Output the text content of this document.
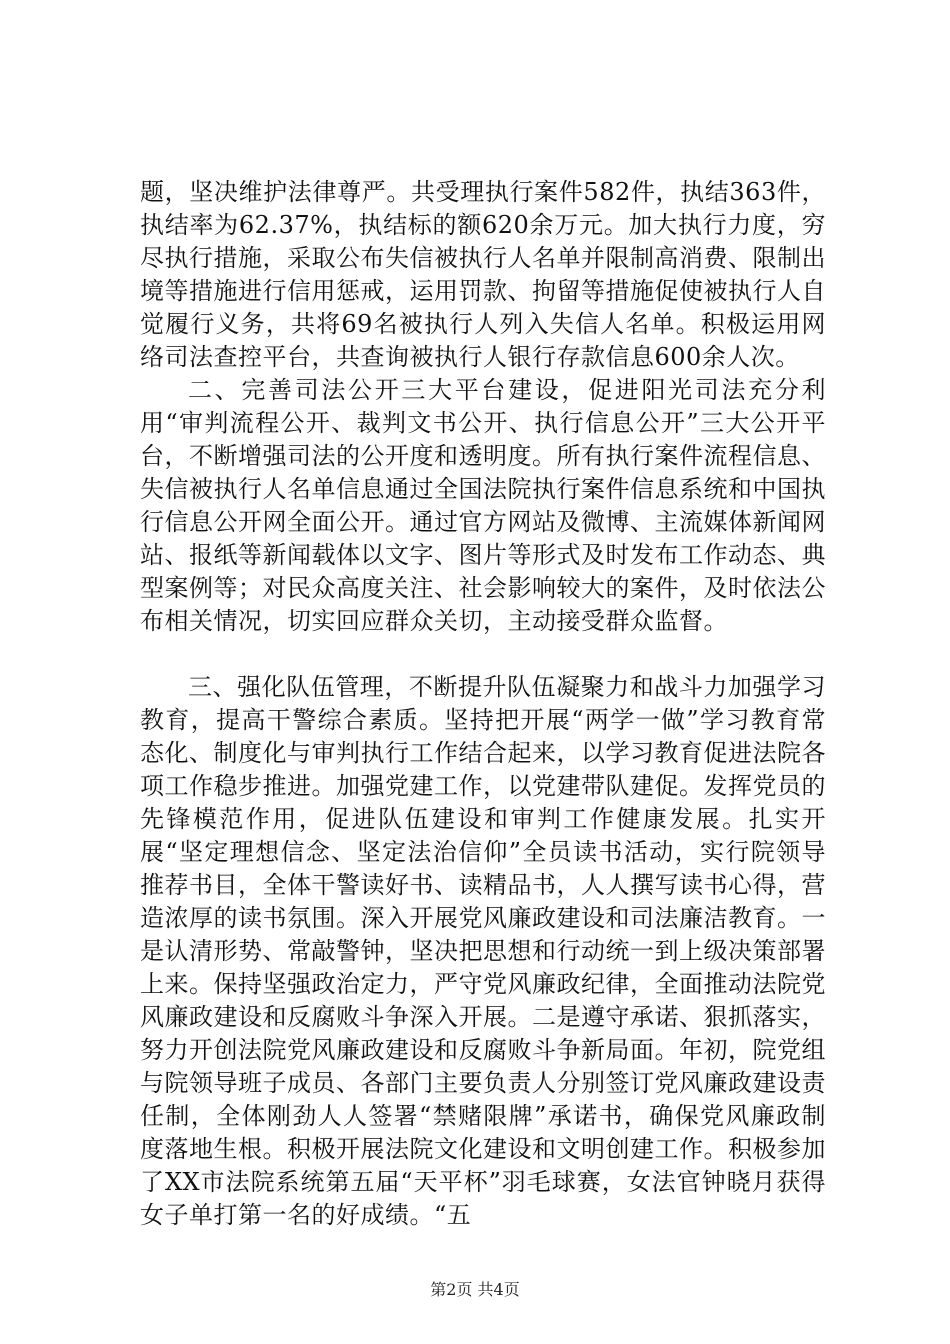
题，坚决维护法律尊严。共受理执行案件582件，执结363件，执结率为62.37%，执结标的额620余万元。加大执行力度，穷尽执行措施，采取公布失信被执行人名单并限制高消费、限制出境等措施进行信用惩戒，运用罚款、拘留等措施促使被执行人自觉履行义务，共将69名被执行人列入失信人名单。积极运用网络司法查控平台，共查询被执行人银行存款信息600余人次。

二、完善司法公开三大平台建设，促进阳光司法充分利用“审判流程公开、裁判文书公开、执行信息公开”三大公开平台，不断增强司法的公开度和透明度。所有执行案件流程信息、失信被执行人名单信息通过全国法院执行案件信息系统和中国执行信息公开网全面公开。通过官方网站及微博、主流媒体新闻网站、报纸等新闻载体以文字、图片等形式及时发布工作动态、典型案例等；对民众高度关注、社会影响较大的案件，及时依法公布相关情况，切实回应群众关切，主动接受群众监督。

三、强化队伍管理，不断提升队伍凝聚力和战斗力加强学习教育，提高干警综合素质。坚持把开展“两学一做”学习教育常态化、制度化与审判执行工作结合起来，以学习教育促进法院各项工作稳步推进。加强党建工作，以党建带队建促。发挥党员的先锋模范作用，促进队伍建设和审判工作健康发展。扎实开展“坚定理想信念、坚定法治信仰”全员读书活动，实行院领导推荐书目，全体干警读好书、读精品书，人人撰写读书心得，营造浓厚的读书氛围。深入开展党风廉政建设和司法廉洁教育。一是认清形势、常敲警钟，坚决把思想和行动统一到上级决策部署上来。保持坚强政治定力，严守党风廉政纪律，全面推动法院党风廉政建设和反腐败斗争深入开展。二是遵守承诺、狠抓落实，努力开创法院党风廉政建设和反腐败斗争新局面。年初，院党组与院领导班子成员、各部门主要负责人分别签订党风廉政建设责任制，全体刚劲人人签署“禁赌限牌”承诺书，确保党风廉政制度落地生根。积极开展法院文化建设和文明创建工作。积极参加了XX市法院系统第五届“天平杯”羽毛球赛，女法官钟晓月获得女子单打第一名的好成绩。“五

第2页 共4页
